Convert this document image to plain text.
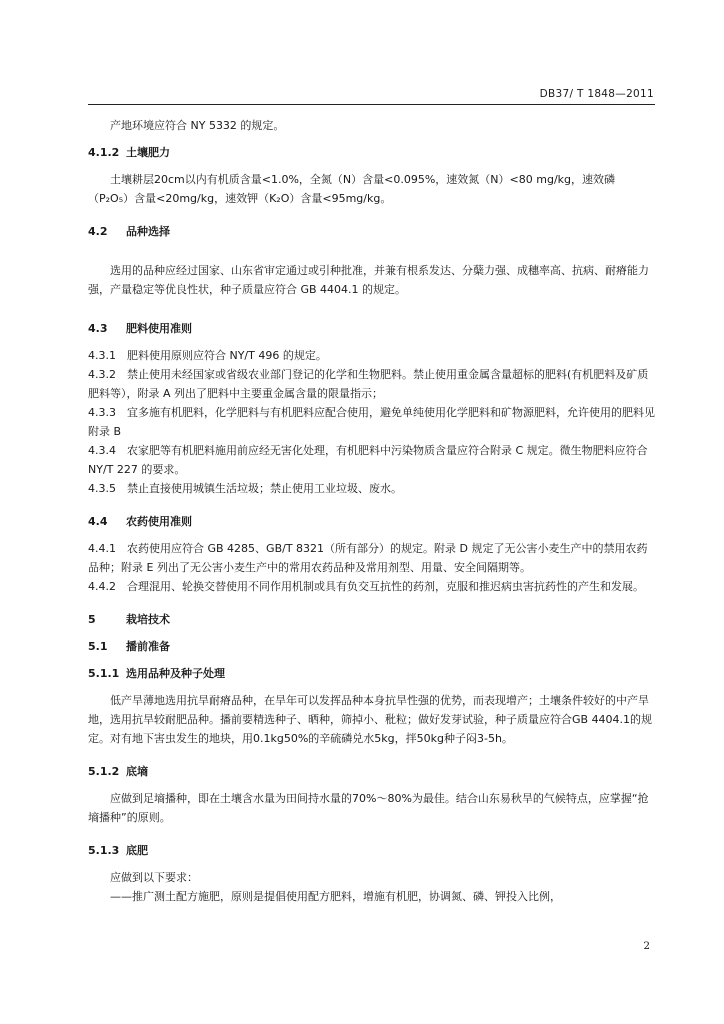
DB37/ T 1848—2011

产地环境应符合 NY 5332 的规定。

4.1.2 土壤肥力

土壤耕层20cm以内有机质含量<1.0%，全氮（N）含量<0.095%，速效氮（N）<80 mg/kg，速效磷（P₂O₅）含量<20mg/kg，速效钾（K₂O）含量<95mg/kg。

4.2 品种选择

选用的品种应经过国家、山东省审定通过或引种批准，并兼有根系发达、分蘖力强、成穗率高、抗病、耐瘠能力强，产量稳定等优良性状，种子质量应符合 GB 4404.1 的规定。

4.3 肥料使用准则

4.3.1　肥料使用原则应符合 NY/T 496 的规定。

4.3.2　禁止使用未经国家或省级农业部门登记的化学和生物肥料。禁止使用重金属含量超标的肥料(有机肥料及矿质肥料等），附录 A 列出了肥料中主要重金属含量的限量指示；

4.3.3　宜多施有机肥料，化学肥料与有机肥料应配合使用，避免单纯使用化学肥料和矿物源肥料，允许使用的肥料见附录 B

4.3.4　农家肥等有机肥料施用前应经无害化处理，有机肥料中污染物质含量应符合附录 C 规定。微生物肥料应符合 NY/T 227 的要求。

4.3.5　禁止直接使用城镇生活垃圾；禁止使用工业垃圾、废水。

4.4 农药使用准则

4.4.1　农药使用应符合 GB 4285、GB/T 8321（所有部分）的规定。附录 D 规定了无公害小麦生产中的禁用农药品种；附录 E 列出了无公害小麦生产中的常用农药品种及常用剂型、用量、安全间隔期等。

4.4.2　合理混用、轮换交替使用不同作用机制或具有负交互抗性的药剂，克服和推迟病虫害抗药性的产生和发展。

5	栽培技术

5.1 播前准备

5.1.1 选用品种及种子处理

低产旱薄地选用抗旱耐瘠品种，在旱年可以发挥品种本身抗旱性强的优势，而表现增产；土壤条件较好的中产旱地，选用抗旱较耐肥品种。播前要精选种子、晒种，筛掉小、秕粒；做好发芽试验，种子质量应符合GB 4404.1的规定。对有地下害虫发生的地块，用0.1kg50%的辛硫磷兑水5kg，拌50kg种子闷3-5h。

5.1.2 底墒

应做到足墒播种，即在土壤含水量为田间持水量的70%～80%为最佳。结合山东易秋旱的气候特点，应掌握“抢墒播种”的原则。

5.1.3 底肥

应做到以下要求：

——推广测土配方施肥，原则是提倡使用配方肥料，增施有机肥，协调氮、磷、钾投入比例，

2
